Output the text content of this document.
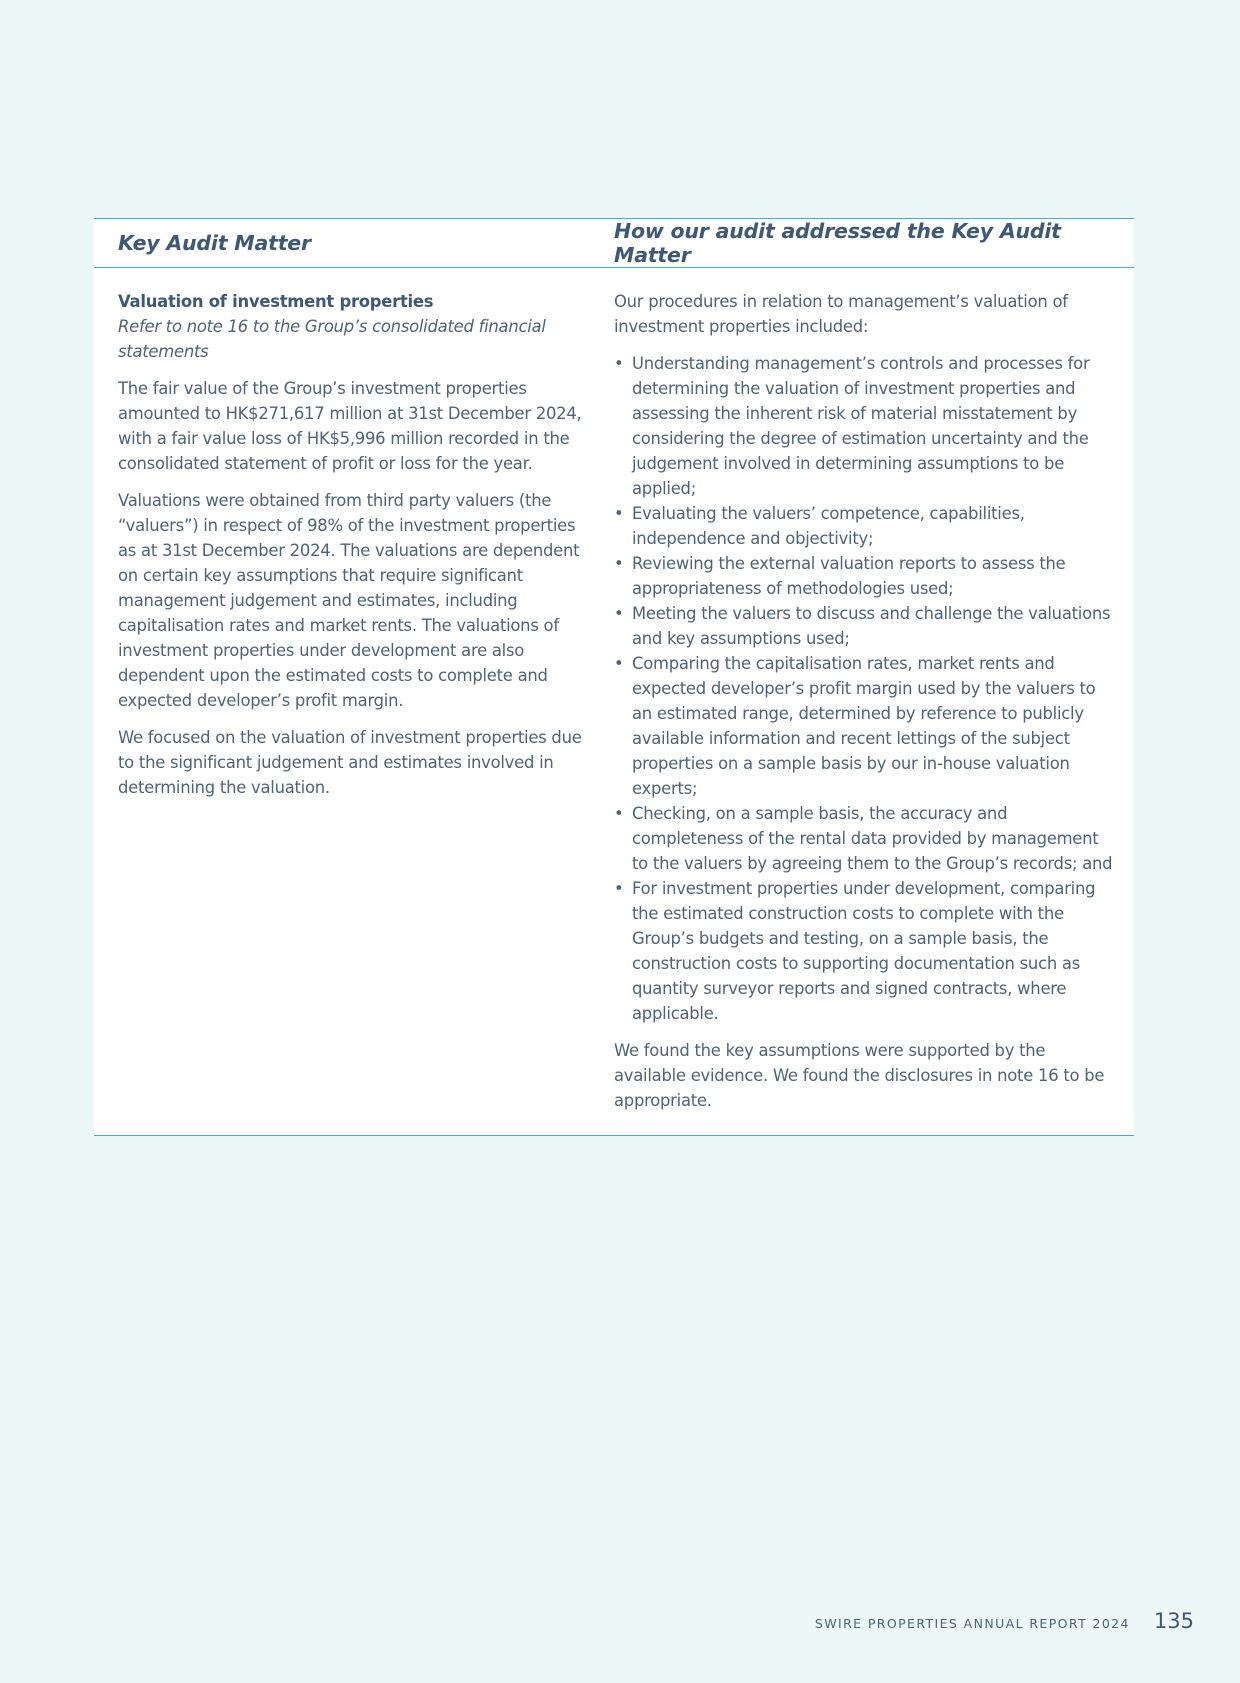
Key Audit Matter	How our audit addressed the Key Audit Matter

Valuation of investment properties

Refer to note 16 to the Group’s consolidated financial statements

The fair value of the Group’s investment properties amounted to HK$271,617 million at 31st December 2024, with a fair value loss of HK$5,996 million recorded in the consolidated statement of profit or loss for the year.

Valuations were obtained from third party valuers (the “valuers”) in respect of 98% of the investment properties as at 31st December 2024. The valuations are dependent on certain key assumptions that require significant management judgement and estimates, including capitalisation rates and market rents. The valuations of investment properties under development are also dependent upon the estimated costs to complete and expected developer’s profit margin.

We focused on the valuation of investment properties due to the significant judgement and estimates involved in determining the valuation.

Our procedures in relation to management’s valuation of investment properties included:

• Understanding management’s controls and processes for determining the valuation of investment properties and assessing the inherent risk of material misstatement by considering the degree of estimation uncertainty and the judgement involved in determining assumptions to be applied;
• Evaluating the valuers’ competence, capabilities, independence and objectivity;
• Reviewing the external valuation reports to assess the appropriateness of methodologies used;
• Meeting the valuers to discuss and challenge the valuations and key assumptions used;
• Comparing the capitalisation rates, market rents and expected developer’s profit margin used by the valuers to an estimated range, determined by reference to publicly available information and recent lettings of the subject properties on a sample basis by our in-house valuation experts;
• Checking, on a sample basis, the accuracy and completeness of the rental data provided by management to the valuers by agreeing them to the Group’s records; and
• For investment properties under development, comparing the estimated construction costs to complete with the Group’s budgets and testing, on a sample basis, the construction costs to supporting documentation such as quantity surveyor reports and signed contracts, where applicable.

We found the key assumptions were supported by the available evidence. We found the disclosures in note 16 to be appropriate.

SWIRE PROPERTIES ANNUAL REPORT 2024 135
